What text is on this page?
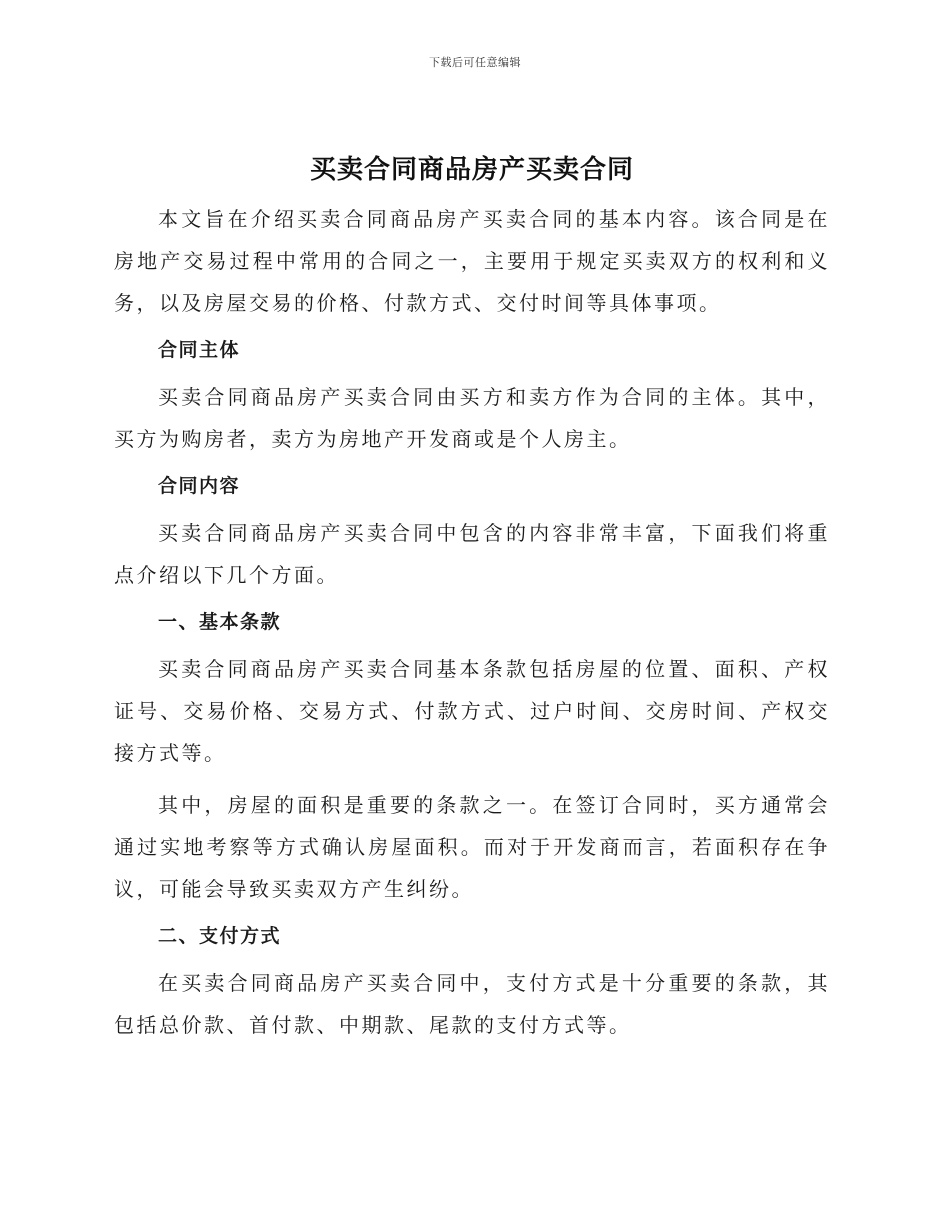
下载后可任意编辑
买卖合同商品房产买卖合同

本文旨在介绍买卖合同商品房产买卖合同的基本内容。该合同是在房地产交易过程中常用的合同之一，主要用于规定买卖双方的权利和义务，以及房屋交易的价格、付款方式、交付时间等具体事项。

合同主体

买卖合同商品房产买卖合同由买方和卖方作为合同的主体。其中，买方为购房者，卖方为房地产开发商或是个人房主。

合同内容

买卖合同商品房产买卖合同中包含的内容非常丰富，下面我们将重点介绍以下几个方面。

一、基本条款

买卖合同商品房产买卖合同基本条款包括房屋的位置、面积、产权证号、交易价格、交易方式、付款方式、过户时间、交房时间、产权交接方式等。

其中，房屋的面积是重要的条款之一。在签订合同时，买方通常会通过实地考察等方式确认房屋面积。而对于开发商而言，若面积存在争议，可能会导致买卖双方产生纠纷。

二、支付方式

在买卖合同商品房产买卖合同中，支付方式是十分重要的条款，其包括总价款、首付款、中期款、尾款的支付方式等。
